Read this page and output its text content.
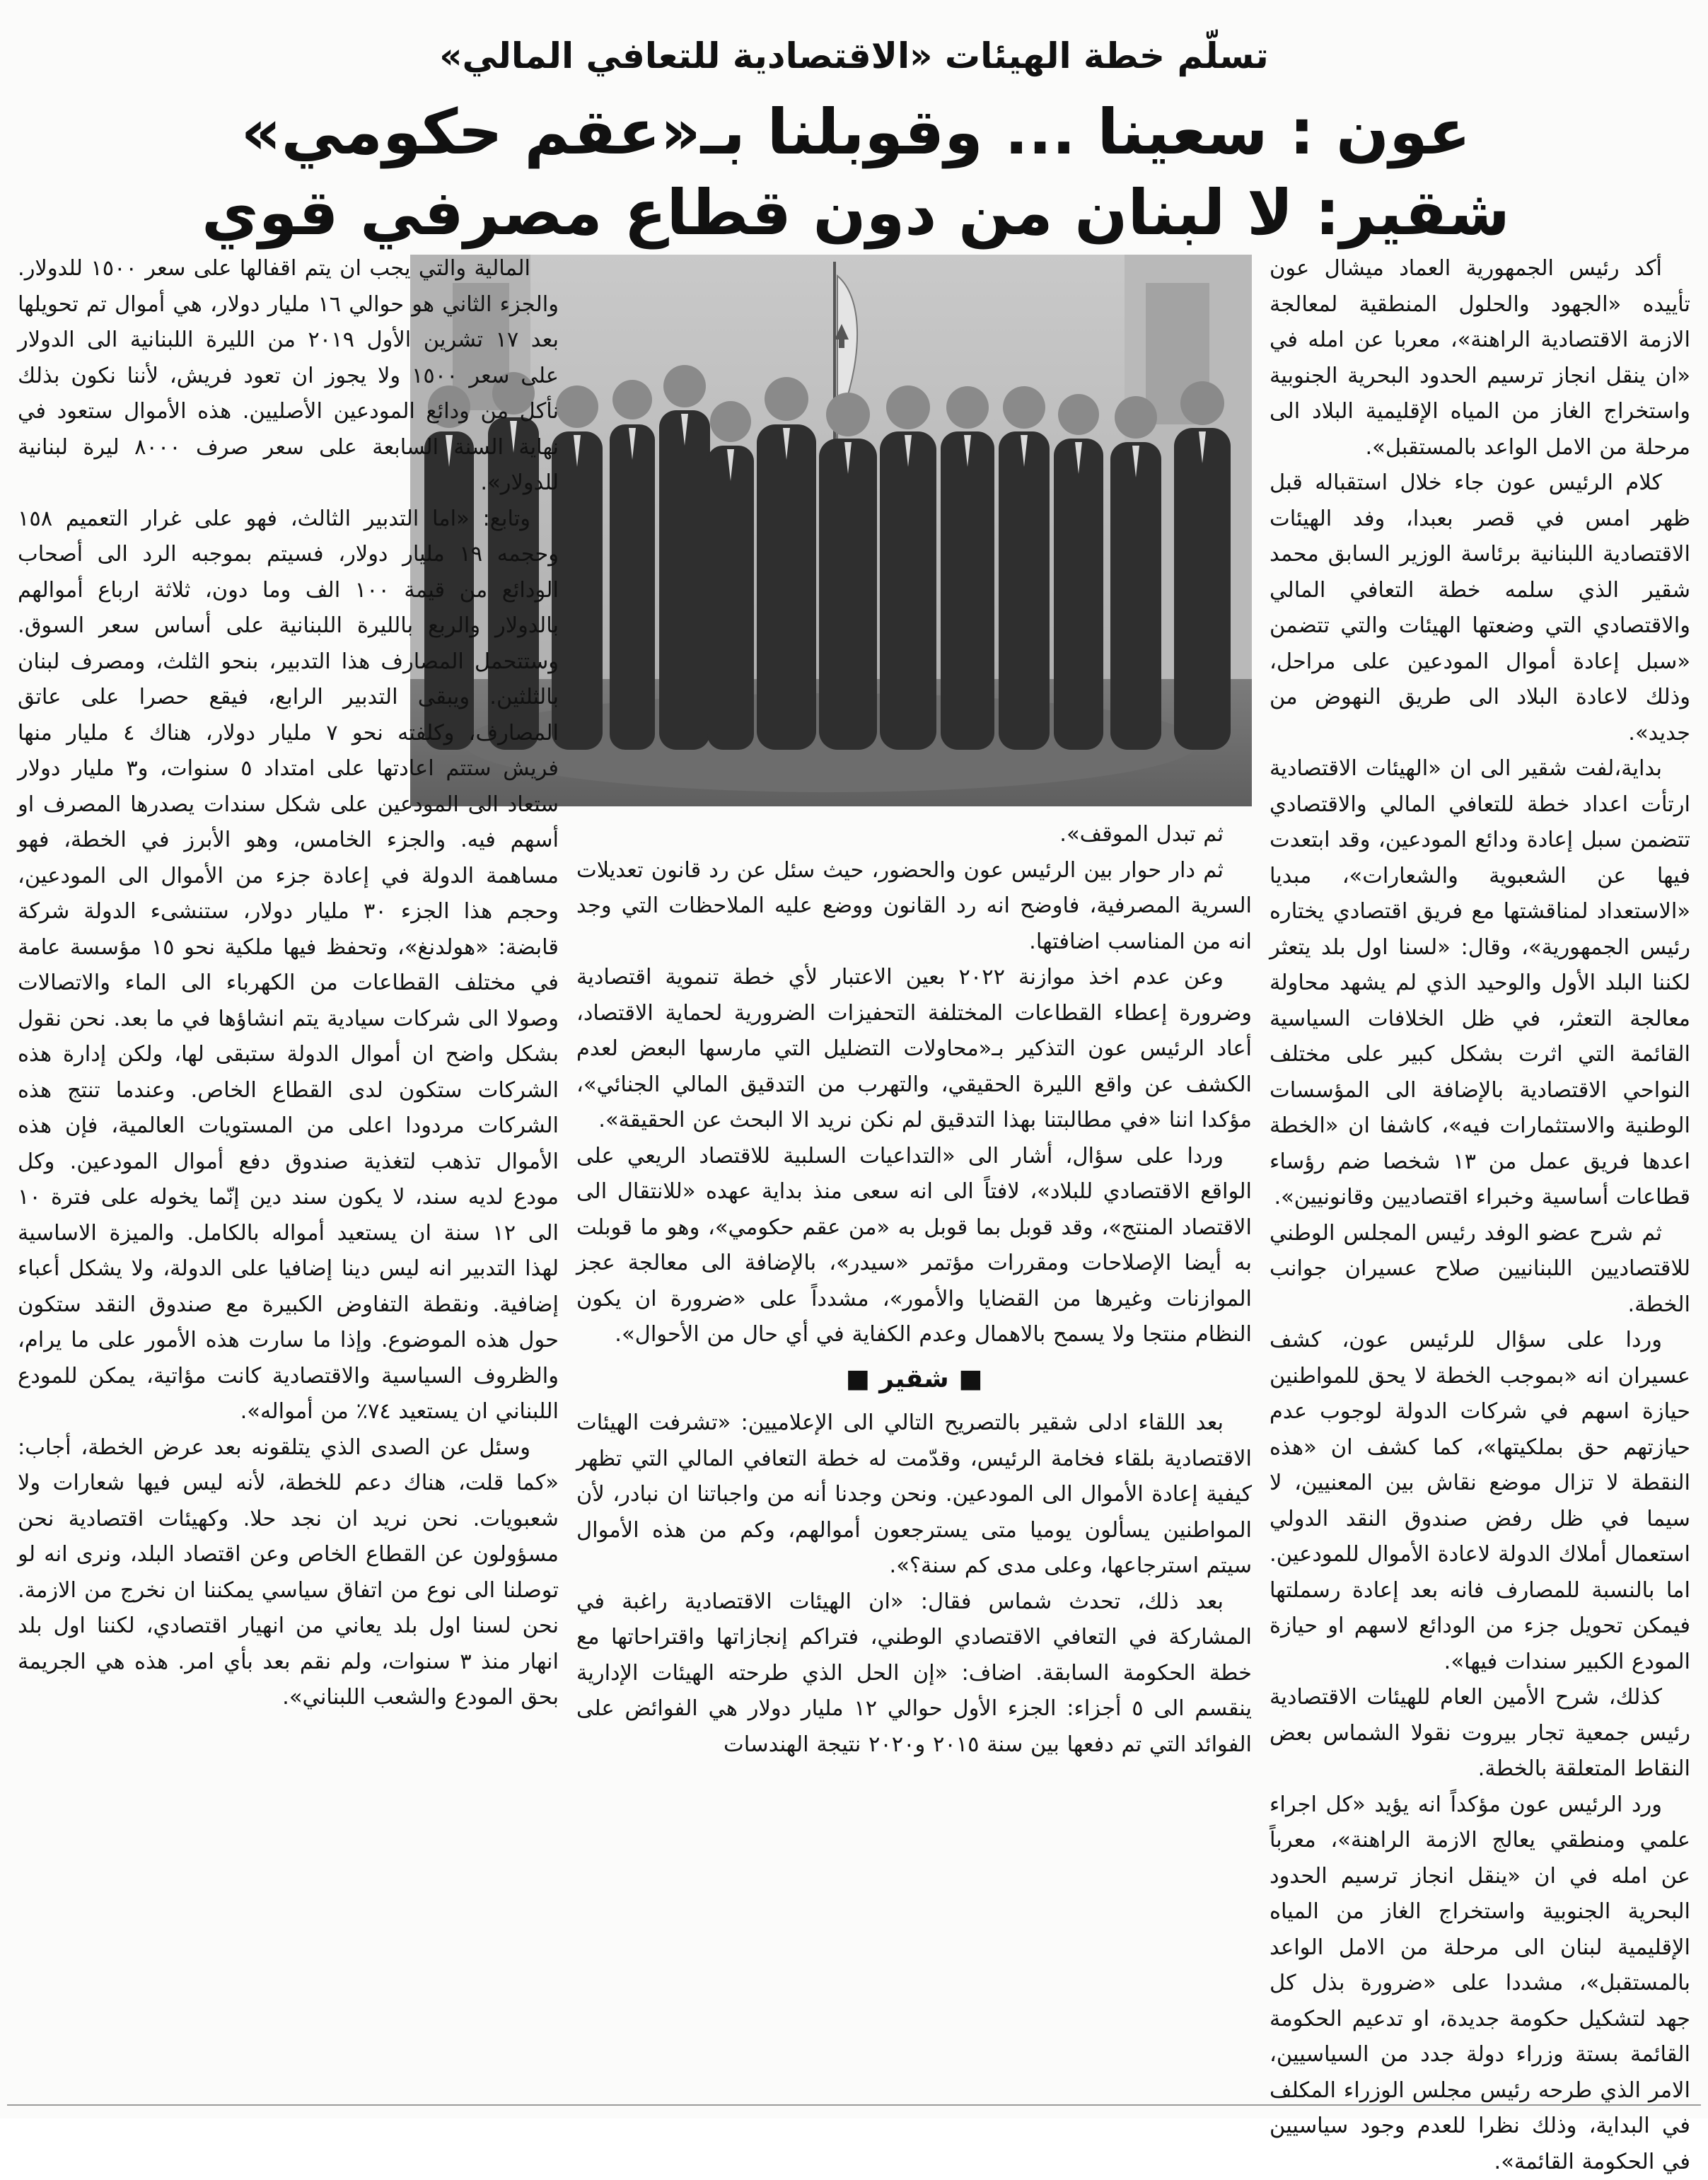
تسلّم خطة الهيئات «الاقتصادية للتعافي المالي»
عون : سعينا ... وقوبلنا بـ«عقم حكومي»
شقير: لا لبنان من دون قطاع مصرفي قوي

أكد رئيس الجمهورية العماد ميشال عون تأييده «الجهود والحلول المنطقية لمعالجة الازمة الاقتصادية الراهنة»، معربا عن امله في «ان ينقل انجاز ترسيم الحدود البحرية الجنوبية واستخراج الغاز من المياه الإقليمية البلاد الى مرحلة من الامل الواعد بالمستقبل».

كلام الرئيس عون جاء خلال استقباله قبل ظهر امس في قصر بعبدا، وفد الهيئات الاقتصادية اللبنانية برئاسة الوزير السابق محمد شقير الذي سلمه خطة التعافي المالي والاقتصادي التي وضعتها الهيئات والتي تتضمن «سبل إعادة أموال المودعين على مراحل، وذلك لاعادة البلاد الى طريق النهوض من جديد».

بداية،لفت شقير الى ان «الهيئات الاقتصادية ارتأت اعداد خطة للتعافي المالي والاقتصادي تتضمن سبل إعادة ودائع المودعين، وقد ابتعدت فيها عن الشعبوية والشعارات»، مبديا «الاستعداد لمناقشتها مع فريق اقتصادي يختاره رئيس الجمهورية»، وقال: «لسنا اول بلد يتعثر لكننا البلد الأول والوحيد الذي لم يشهد محاولة معالجة التعثر، في ظل الخلافات السياسية القائمة التي اثرت بشكل كبير على مختلف النواحي الاقتصادية بالإضافة الى المؤسسات الوطنية والاستثمارات فيه»، كاشفا ان «الخطة اعدها فريق عمل من ١٣ شخصا ضم رؤساء قطاعات أساسية وخبراء اقتصاديين وقانونيين».

ثم شرح عضو الوفد رئيس المجلس الوطني للاقتصاديين اللبنانيين صلاح عسيران جوانب الخطة.

وردا على سؤال للرئيس عون، كشف عسيران انه «بموجب الخطة لا يحق للمواطنين حيازة اسهم في شركات الدولة لوجوب عدم حيازتهم حق بملكيتها»، كما كشف ان «هذه النقطة لا تزال موضع نقاش بين المعنيين، لا سيما في ظل رفض صندوق النقد الدولي استعمال أملاك الدولة لاعادة الأموال للمودعين. اما بالنسبة للمصارف فانه بعد إعادة رسملتها فيمكن تحويل جزء من الودائع لاسهم او حيازة المودع الكبير سندات فيها».

كذلك، شرح الأمين العام للهيئات الاقتصادية رئيس جمعية تجار بيروت نقولا الشماس بعض النقاط المتعلقة بالخطة.

ورد الرئيس عون مؤكداً انه يؤيد «كل اجراء علمي ومنطقي يعالج الازمة الراهنة»، معرباً عن امله في ان «ينقل انجاز ترسيم الحدود البحرية الجنوبية واستخراج الغاز من المياه الإقليمية لبنان الى مرحلة من الامل الواعد بالمستقبل»، مشددا على «ضرورة بذل كل جهد لتشكيل حكومة جديدة، او تدعيم الحكومة القائمة بستة وزراء دولة جدد من السياسيين، الامر الذي طرحه رئيس مجلس الوزراء المكلف في البداية، وذلك نظرا للعدم وجود سياسيين في الحكومة القائمة».

ثم تبدل الموقف».

ثم دار حوار بين الرئيس عون والحضور، حيث سئل عن رد قانون تعديلات السرية المصرفية، فاوضح انه رد القانون ووضع عليه الملاحظات التي وجد انه من المناسب اضافتها.

وعن عدم اخذ موازنة ٢٠٢٢ بعين الاعتبار لأي خطة تنموية اقتصادية وضرورة إعطاء القطاعات المختلفة التحفيزات الضرورية لحماية الاقتصاد، أعاد الرئيس عون التذكير بـ«محاولات التضليل التي مارسها البعض لعدم الكشف عن واقع الليرة الحقيقي، والتهرب من التدقيق المالي الجنائي»، مؤكدا اننا «في مطالبتنا بهذا التدقيق لم نكن نريد الا البحث عن الحقيقة».

وردا على سؤال، أشار الى «التداعيات السلبية للاقتصاد الريعي على الواقع الاقتصادي للبلاد»، لافتاً الى انه سعى منذ بداية عهده «للانتقال الى الاقتصاد المنتج»، وقد قوبل بما قوبل به «من عقم حكومي»، وهو ما قوبلت به أيضا الإصلاحات ومقررات مؤتمر «سيدر»، بالإضافة الى معالجة عجز الموازنات وغيرها من القضايا والأمور»، مشدداً على «ضرورة ان يكون النظام منتجا ولا يسمح بالاهمال وعدم الكفاية في أي حال من الأحوال».

■ شقير ■

بعد اللقاء ادلى شقير بالتصريح التالي الى الإعلاميين: «تشرفت الهيئات الاقتصادية بلقاء فخامة الرئيس، وقدّمت له خطة التعافي المالي التي تظهر كيفية إعادة الأموال الى المودعين. ونحن وجدنا أنه من واجباتنا ان نبادر، لأن المواطنين يسألون يوميا متى يسترجعون أموالهم، وكم من هذه الأموال سيتم استرجاعها، وعلى مدى كم سنة؟».

بعد ذلك، تحدث شماس فقال: «ان الهيئات الاقتصادية راغبة في المشاركة في التعافي الاقتصادي الوطني، فتراكم إنجازاتها واقتراحاتها مع خطة الحكومة السابقة. اضاف: «إن الحل الذي طرحته الهيئات الإدارية ينقسم الى ٥ أجزاء: الجزء الأول حوالي ١٢ مليار دولار هي الفوائض على الفوائد التي تم دفعها بين سنة ٢٠١٥ و٢٠٢٠ نتيجة الهندسات

المالية والتي يجب ان يتم اقفالها على سعر ١٥٠٠ للدولار. والجزء الثاني هو حوالي ١٦ مليار دولار، هي أموال تم تحويلها بعد ١٧ تشرين الأول ٢٠١٩ من الليرة اللبنانية الى الدولار على سعر ١٥٠٠ ولا يجوز ان تعود فريش، لأننا نكون بذلك نأكل من ودائع المودعين الأصليين. هذه الأموال ستعود في نهاية السنة السابعة على سعر صرف ٨٠٠٠ ليرة لبنانية للدولار».

وتابع: «اما التدبير الثالث، فهو على غرار التعميم ١٥٨ وحجمه ١٩ مليار دولار، فسيتم بموجبه الرد الى أصحاب الودائع من قيمة ١٠٠ الف وما دون، ثلاثة ارباع أموالهم بالدولار والربع بالليرة اللبنانية على أساس سعر السوق. وستتحمل المصارف هذا التدبير، بنحو الثلث، ومصرف لبنان بالثلثين. ويبقى التدبير الرابع، فيقع حصرا على عاتق المصارف، وكلفته نحو ٧ مليار دولار، هناك ٤ مليار منها فريش ستتم اعادتها على امتداد ٥ سنوات، و٣ مليار دولار ستعاد الى المودعين على شكل سندات يصدرها المصرف او أسهم فيه. والجزء الخامس، وهو الأبرز في الخطة، فهو مساهمة الدولة في إعادة جزء من الأموال الى المودعين، وحجم هذا الجزء ٣٠ مليار دولار، ستنشىء الدولة شركة قابضة: «هولدنغ»، وتحفظ فيها ملكية نحو ١٥ مؤسسة عامة في مختلف القطاعات من الكهرباء الى الماء والاتصالات وصولا الى شركات سيادية يتم انشاؤها في ما بعد. نحن نقول بشكل واضح ان أموال الدولة ستبقى لها، ولكن إدارة هذه الشركات ستكون لدى القطاع الخاص. وعندما تنتج هذه الشركات مردودا اعلى من المستويات العالمية، فإن هذه الأموال تذهب لتغذية صندوق دفع أموال المودعين. وكل مودع لديه سند، لا يكون سند دين إنّما يخوله على فترة ١٠ الى ١٢ سنة ان يستعيد أمواله بالكامل. والميزة الاساسية لهذا التدبير انه ليس دينا إضافيا على الدولة، ولا يشكل أعباء إضافية. ونقطة التفاوض الكبيرة مع صندوق النقد ستكون حول هذه الموضوع. وإذا ما سارت هذه الأمور على ما يرام، والظروف السياسية والاقتصادية كانت مؤاتية، يمكن للمودع اللبناني ان يستعيد ٧٤٪ من أمواله».

وسئل عن الصدى الذي يتلقونه بعد عرض الخطة، أجاب: «كما قلت، هناك دعم للخطة، لأنه ليس فيها شعارات ولا شعبويات. نحن نريد ان نجد حلا. وكهيئات اقتصادية نحن مسؤولون عن القطاع الخاص وعن اقتصاد البلد، ونرى انه لو توصلنا الى نوع من اتفاق سياسي يمكننا ان نخرج من الازمة. نحن لسنا اول بلد يعاني من انهيار اقتصادي، لكننا اول بلد انهار منذ ٣ سنوات، ولم نقم بعد بأي امر. هذه هي الجريمة بحق المودع والشعب اللبناني».
